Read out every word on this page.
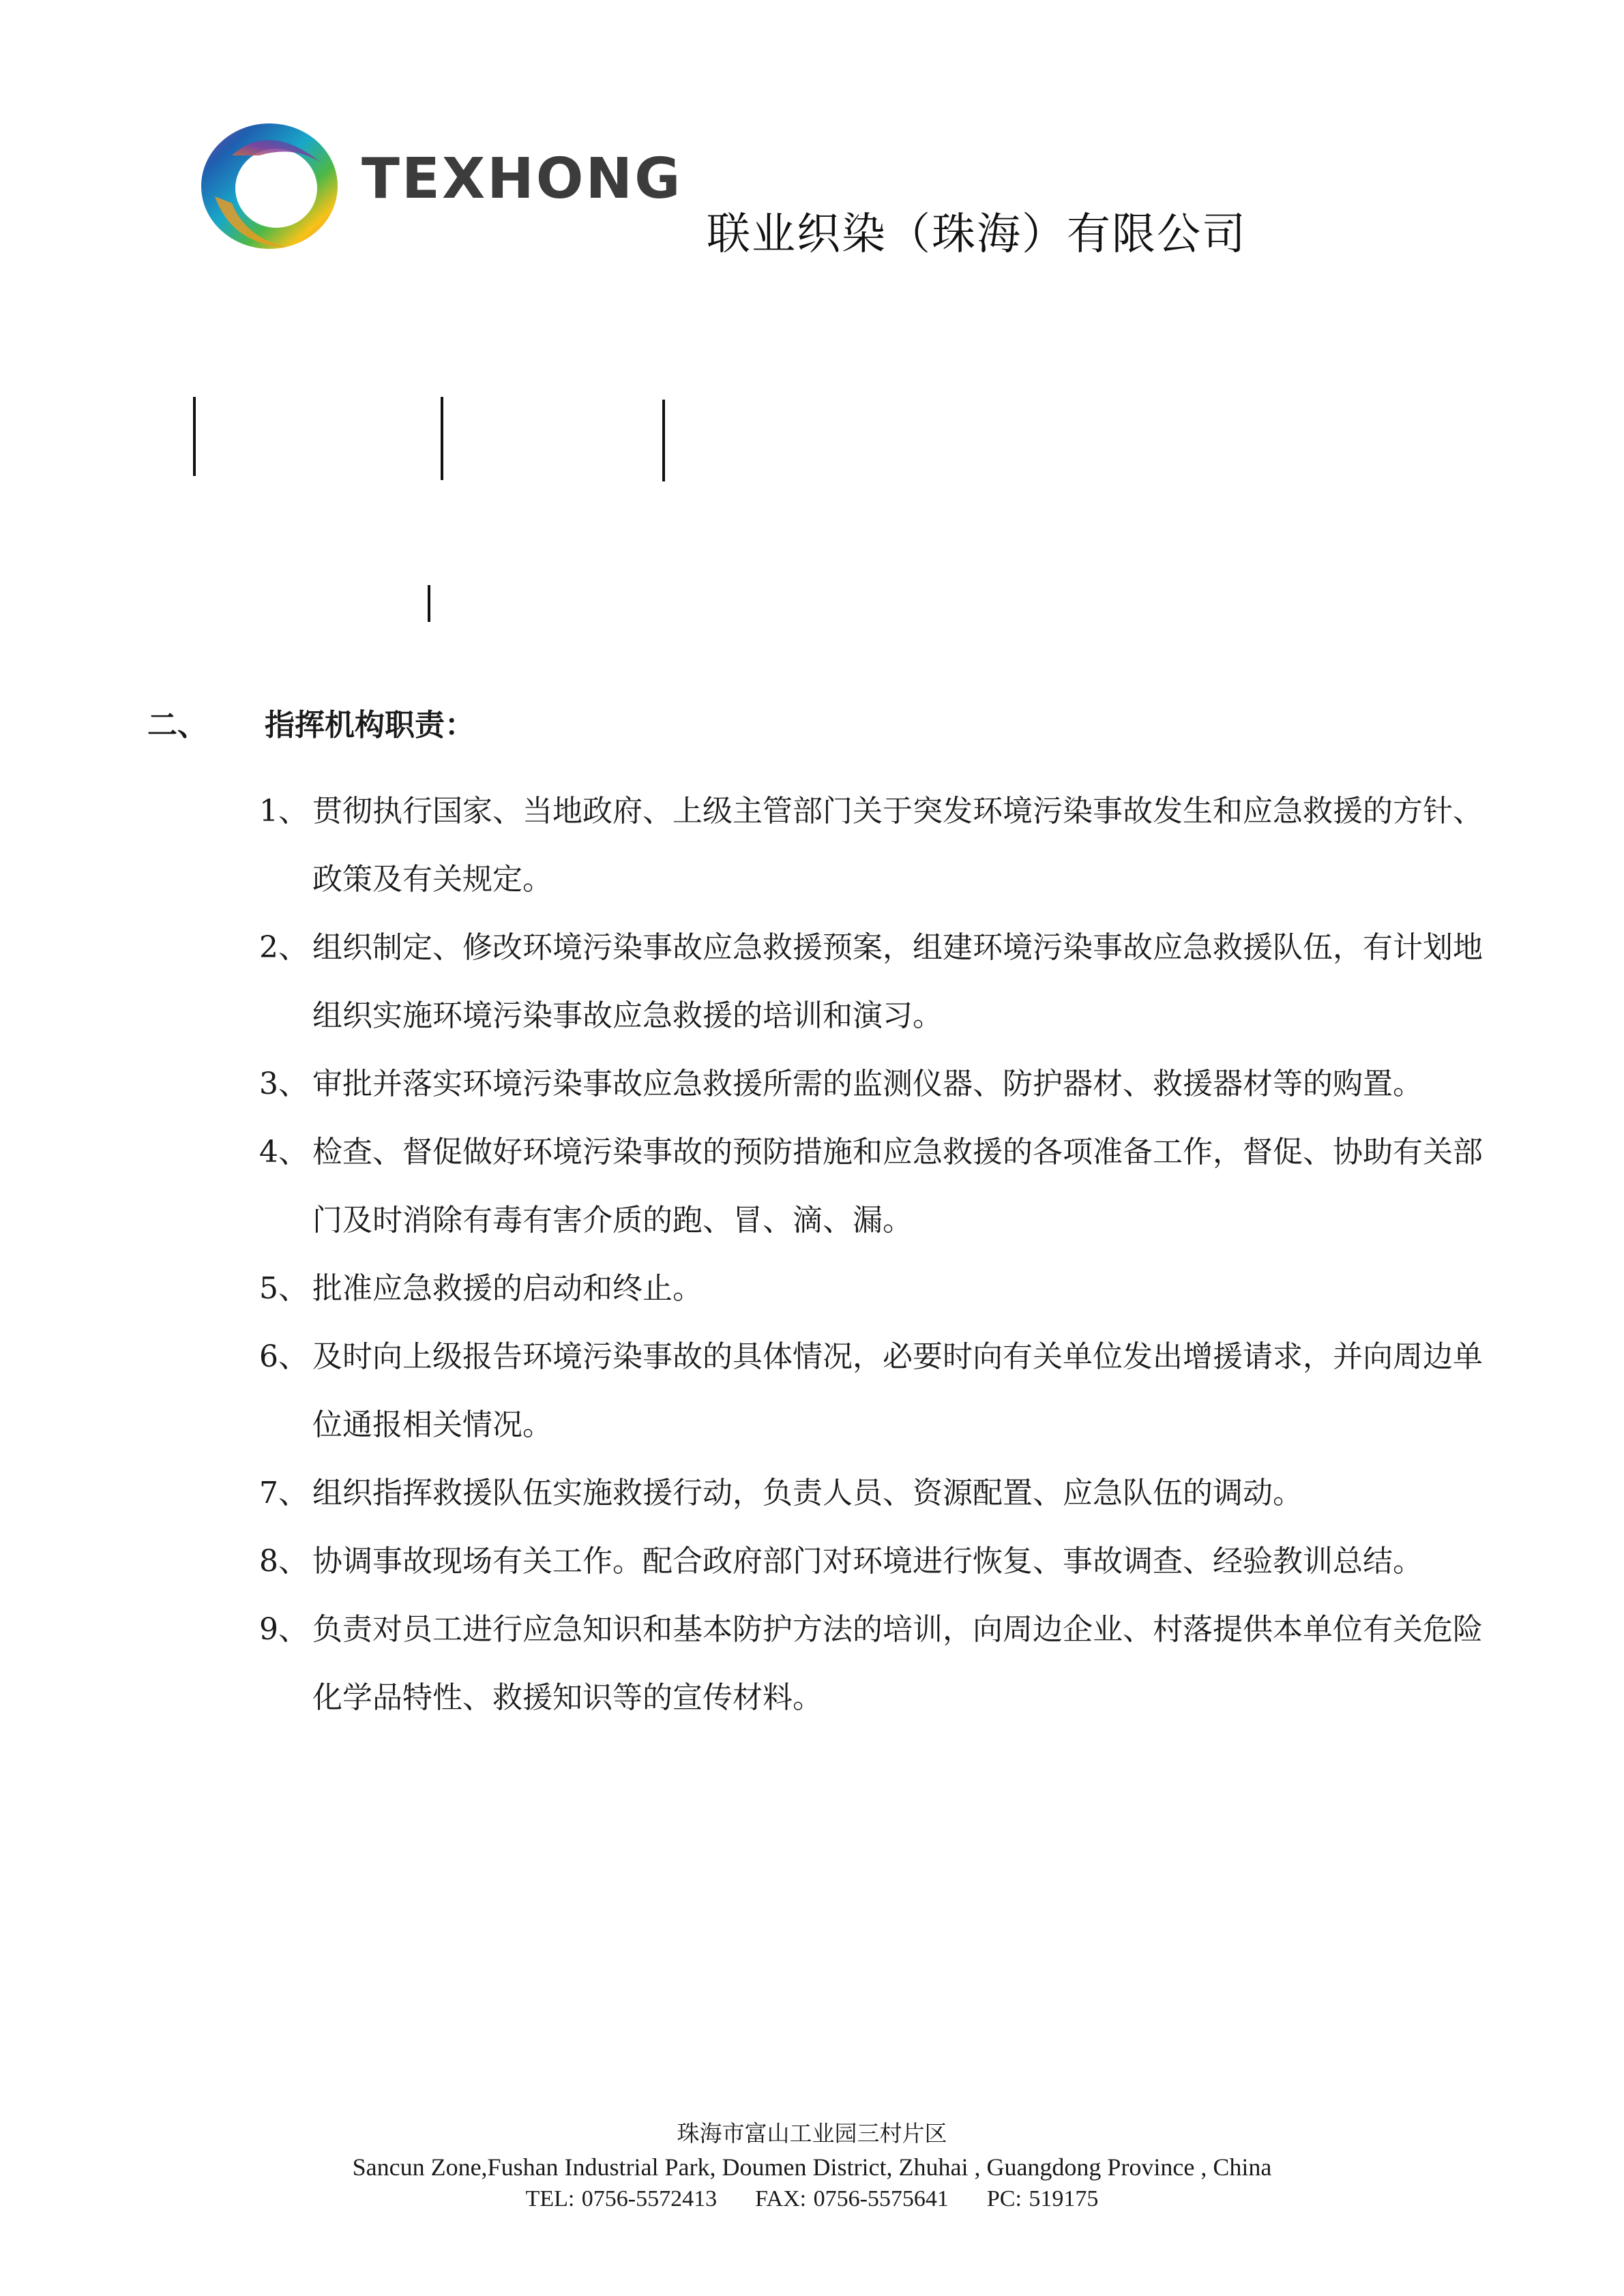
TEXHONG
联业织染（珠海）有限公司
二、 指挥机构职责：
1、 贯彻执行国家、当地政府、上级主管部门关于突发环境污染事故发生和应急救援的方针、政策及有关规定。
2、 组织制定、修改环境污染事故应急救援预案，组建环境污染事故应急救援队伍，有计划地组织实施环境污染事故应急救援的培训和演习。
3、 审批并落实环境污染事故应急救援所需的监测仪器、防护器材、救援器材等的购置。
4、 检查、督促做好环境污染事故的预防措施和应急救援的各项准备工作，督促、协助有关部门及时消除有毒有害介质的跑、冒、滴、漏。
5、 批准应急救援的启动和终止。
6、 及时向上级报告环境污染事故的具体情况，必要时向有关单位发出增援请求，并向周边单位通报相关情况。
7、 组织指挥救援队伍实施救援行动，负责人员、资源配置、应急队伍的调动。
8、 协调事故现场有关工作。配合政府部门对环境进行恢复、事故调查、经验教训总结。
9、 负责对员工进行应急知识和基本防护方法的培训，向周边企业、村落提供本单位有关危险化学品特性、救援知识等的宣传材料。
珠海市富山工业园三村片区
Sancun Zone,Fushan Industrial Park, Doumen District, Zhuhai , Guangdong Province , China
TEL: 0756-5572413 FAX: 0756-5575641 PC: 519175
